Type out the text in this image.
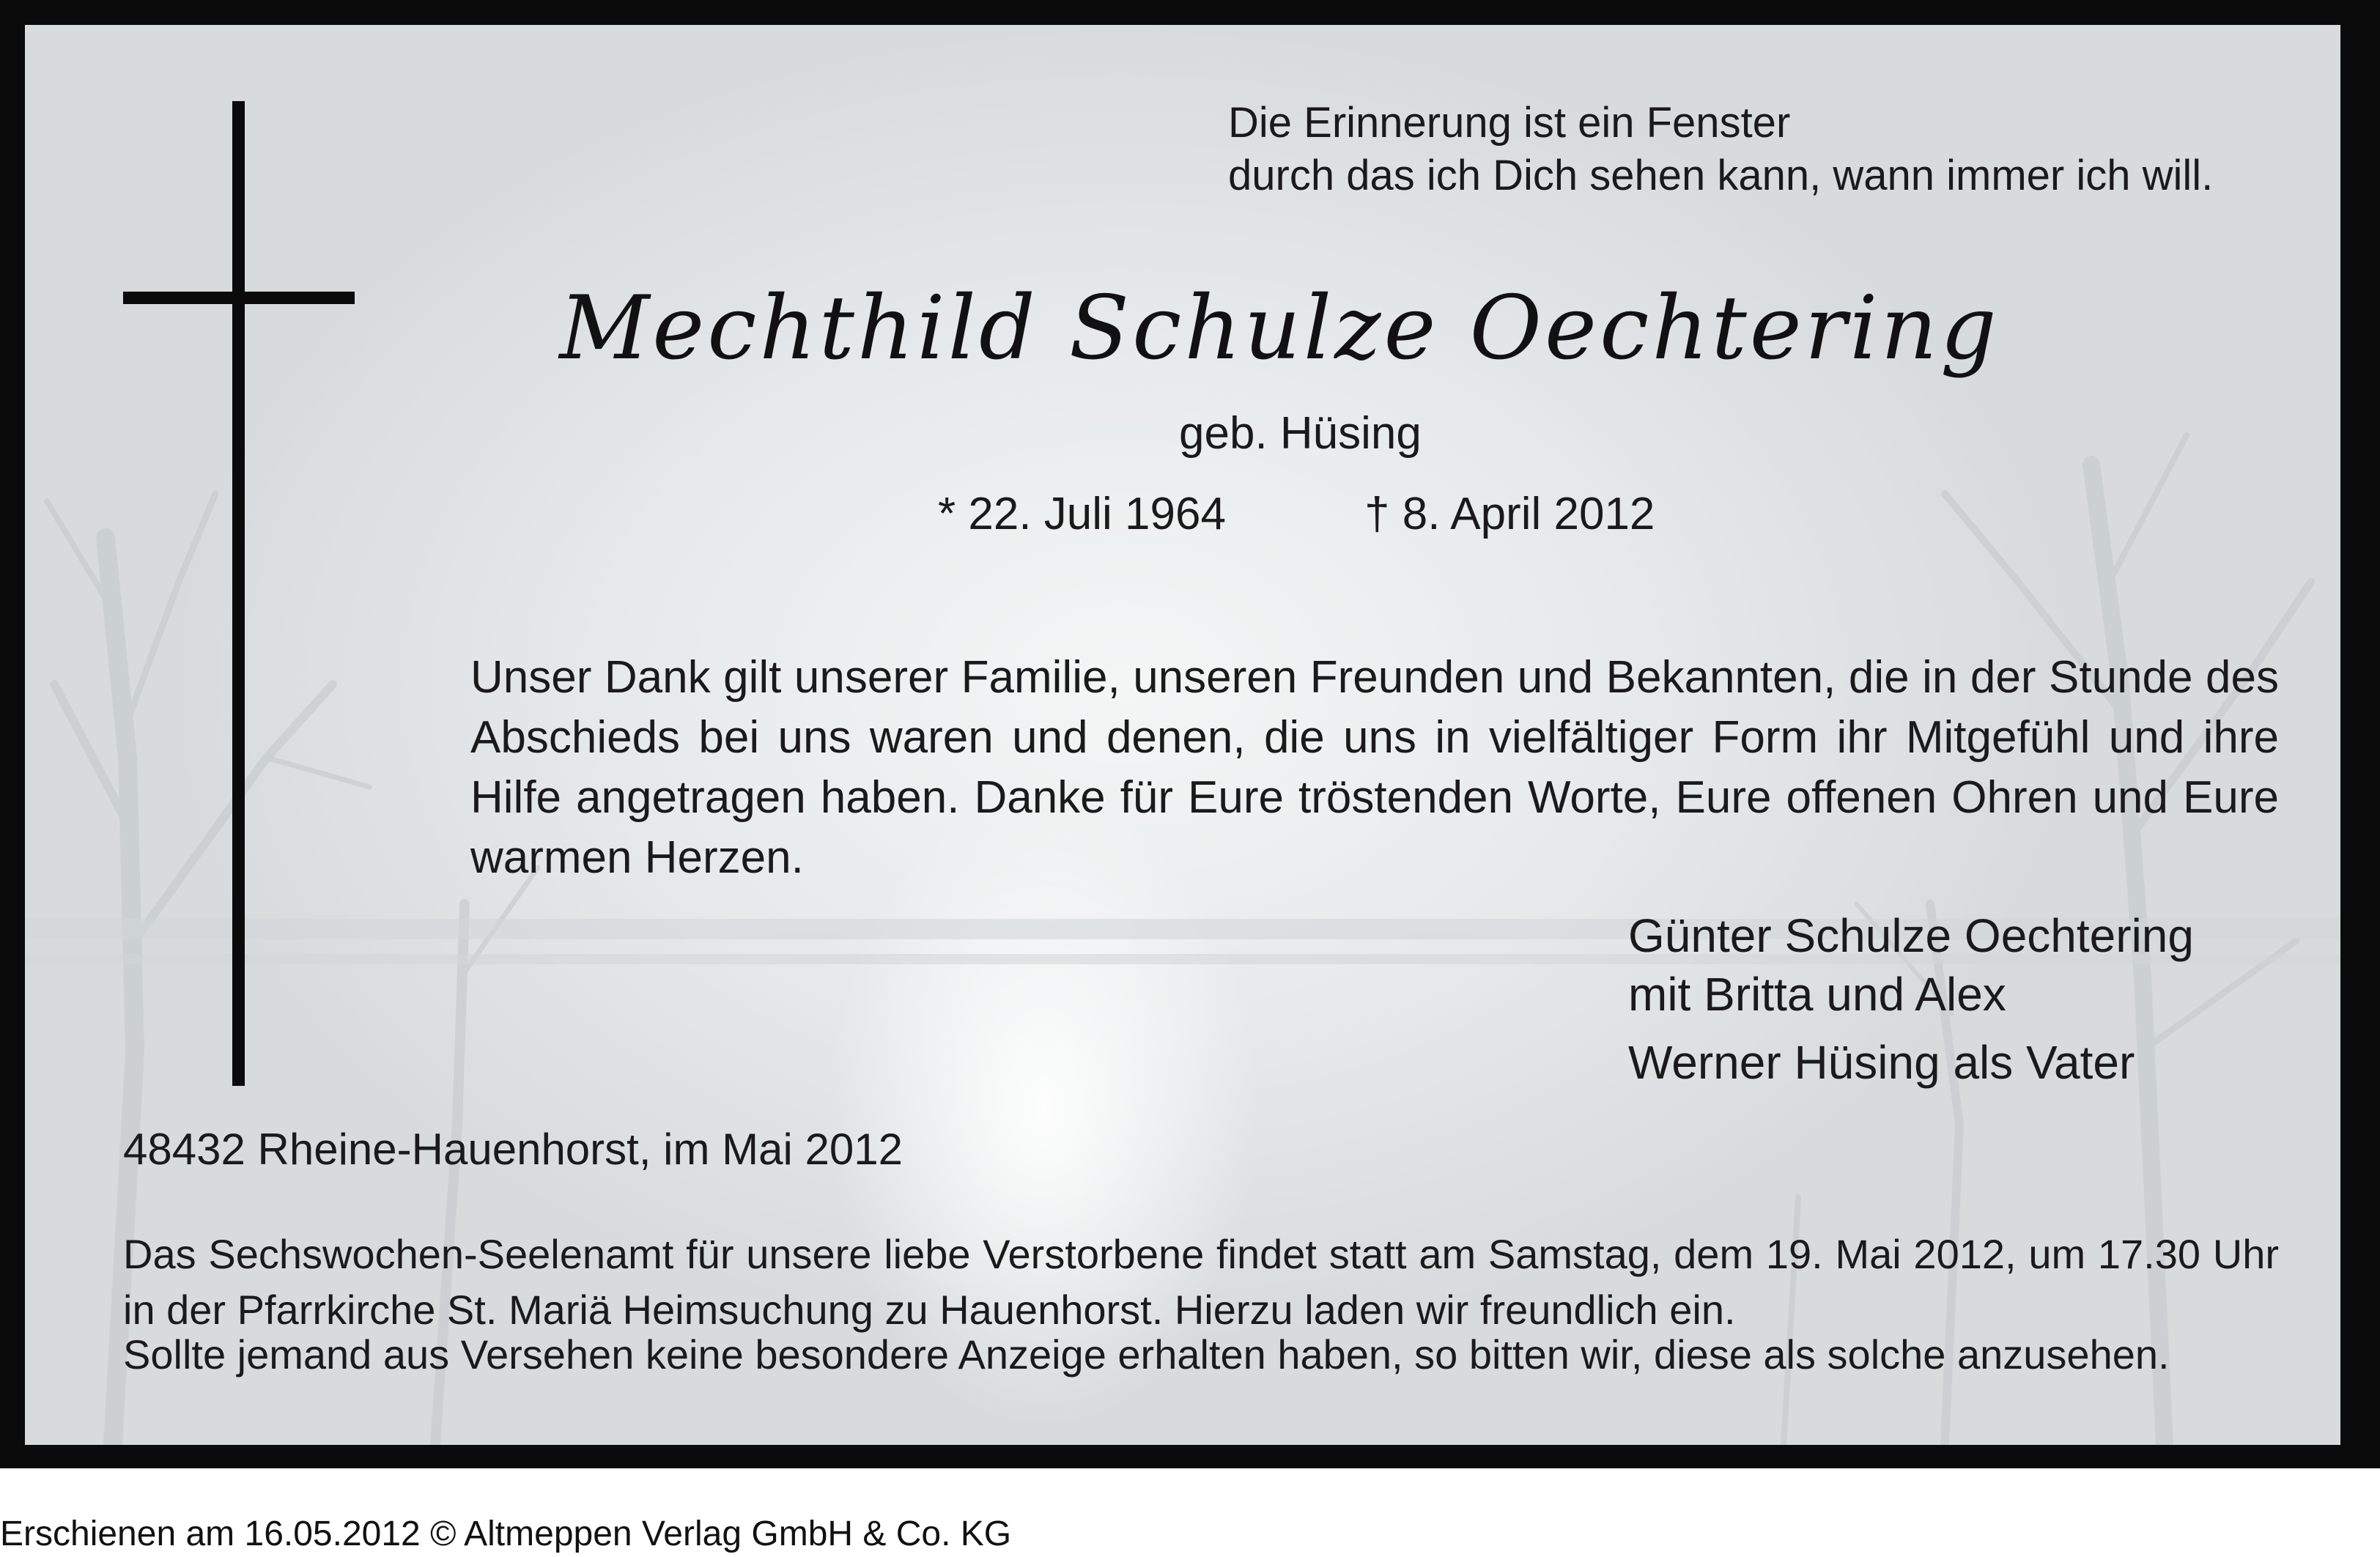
Die Erinnerung ist ein Fenster
durch das ich Dich sehen kann, wann immer ich will.
Mechthild Schulze Oechtering
geb. Hüsing
* 22. Juli 1964	† 8. April 2012
Unser Dank gilt unserer Familie, unseren Freunden und Bekannten, die in der Stunde des Abschieds bei uns waren und denen, die uns in vielfältiger Form ihr Mitgefühl und ihre Hilfe angetragen haben. Danke für Eure tröstenden Worte, Eure offenen Ohren und Eure warmen Herzen.
Günter Schulze Oechtering
mit Britta und Alex
Werner Hüsing als Vater
48432 Rheine-Hauenhorst, im Mai 2012
Das Sechswochen-Seelenamt für unsere liebe Verstorbene findet statt am Samstag, dem 19. Mai 2012, um 17.30 Uhr in der Pfarrkirche St. Mariä Heimsuchung zu Hauenhorst. Hierzu laden wir freundlich ein.
Sollte jemand aus Versehen keine besondere Anzeige erhalten haben, so bitten wir, diese als solche anzusehen.
Erschienen am 16.05.2012 © Altmeppen Verlag GmbH & Co. KG
